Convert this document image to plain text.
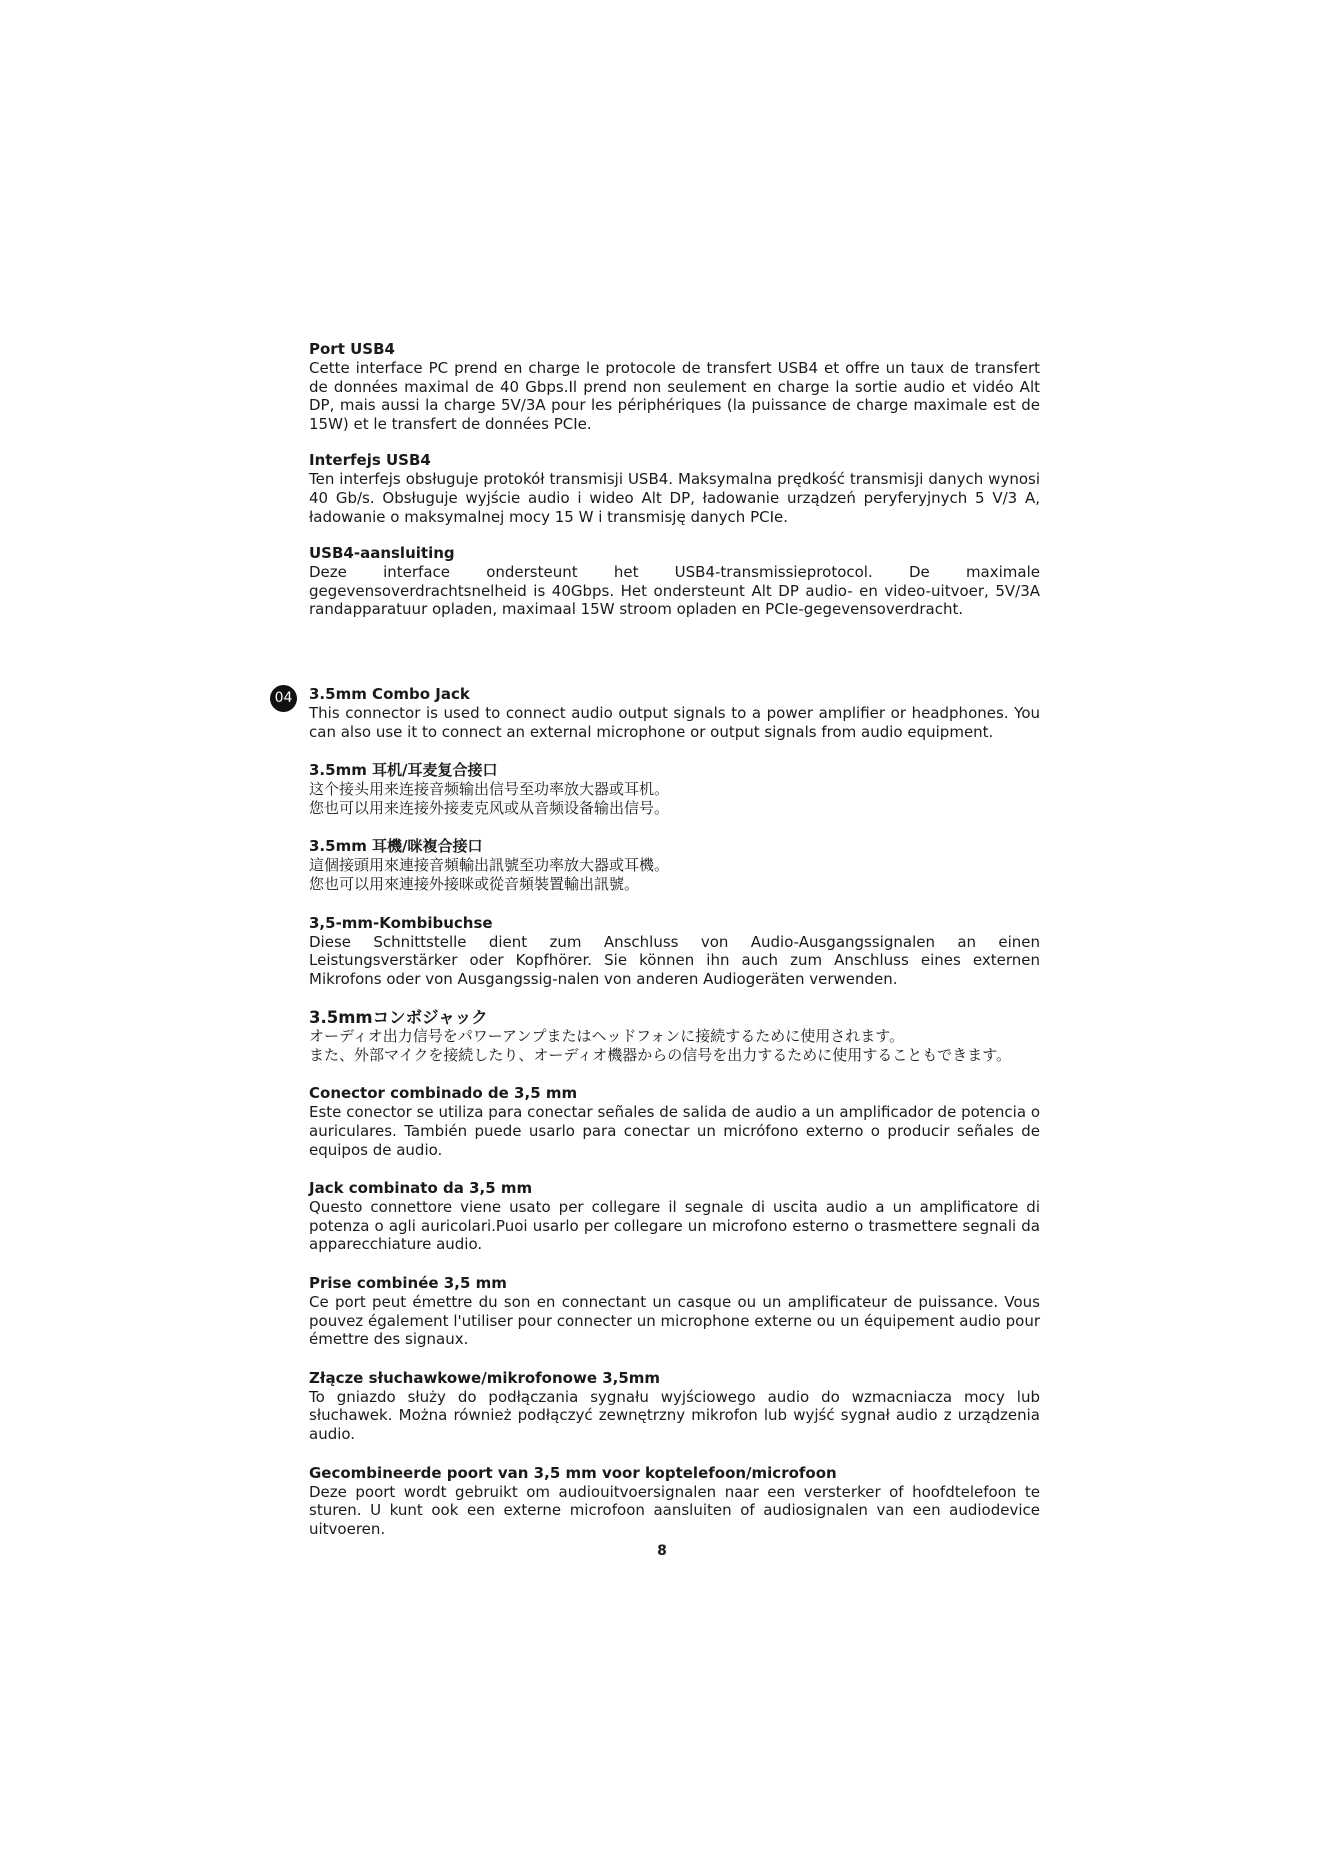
Port USB4

Cette interface PC prend en charge le protocole de transfert USB4 et offre un taux de transfert de données maximal de 40 Gbps.Il prend non seulement en charge la sortie audio et vidéo Alt DP, mais aussi la charge 5V/3A pour les périphériques (la puissance de charge maximale est de 15W) et le transfert de données PCIe.

Interfejs USB4

Ten interfejs obsługuje protokół transmisji USB4. Maksymalna prędkość transmisji danych wynosi 40 Gb/s. Obsługuje wyjście audio i wideo Alt DP, ładowanie urządzeń peryferyjnych 5 V/3 A, ładowanie o maksymalnej mocy 15 W i transmisję danych PCIe.

USB4-aansluiting

Deze interface ondersteunt het USB4-transmissieprotocol. De maximale gegevensoverdrachtsnelheid is 40Gbps. Het ondersteunt Alt DP audio- en video-uitvoer, 5V/3A randapparatuur opladen, maximaal 15W stroom opladen en PCIe-gegevensoverdracht.

04	3.5mm Combo Jack

This connector is used to connect audio output signals to a power amplifier or headphones. You can also use it to connect an external microphone or output signals from audio equipment.

3.5mm 耳机/耳麦复合接口

这个接头用来连接音频输出信号至功率放大器或耳机。
您也可以用来连接外接麦克风或从音频设备输出信号。

3.5mm 耳機/咪複合接口

這個接頭用來連接音頻輸出訊號至功率放大器或耳機。
您也可以用來連接外接咪或從音頻裝置輸出訊號。

3,5-mm-Kombibuchse

Diese Schnittstelle dient zum Anschluss von Audio-Ausgangssignalen an einen Leistungsverstärker oder Kopfhörer. Sie können ihn auch zum Anschluss eines externen Mikrofons oder von Ausgangssig-nalen von anderen Audiogeräten verwenden.

3.5mmコンボジャック

オーディオ出力信号をパワーアンプまたはヘッドフォンに接続するために使用されます。
また、外部マイクを接続したり、オーディオ機器からの信号を出力するために使用することもできます。

Conector combinado de 3,5 mm

Este conector se utiliza para conectar señales de salida de audio a un amplificador de potencia o auriculares. También puede usarlo para conectar un micrófono externo o producir señales de equipos de audio.

Jack combinato da 3,5 mm

Questo connettore viene usato per collegare il segnale di uscita audio a un amplificatore di potenza o agli auricolari.Puoi usarlo per collegare un microfono esterno o trasmettere segnali da apparecchiature audio.

Prise combinée 3,5 mm

Ce port peut émettre du son en connectant un casque ou un amplificateur de puissance. Vous pouvez également l'utiliser pour connecter un microphone externe ou un équipement audio pour émettre des signaux.

Złącze słuchawkowe/mikrofonowe 3,5mm

To gniazdo służy do podłączania sygnału wyjściowego audio do wzmacniacza mocy lub słuchawek. Można również podłączyć zewnętrzny mikrofon lub wyjść sygnał audio z urządzenia audio.

Gecombineerde poort van 3,5 mm voor koptelefoon/microfoon

Deze poort wordt gebruikt om audiouitvoersignalen naar een versterker of hoofdtelefoon te sturen. U kunt ook een externe microfoon aansluiten of audiosignalen van een audiodevice uitvoeren.

8
